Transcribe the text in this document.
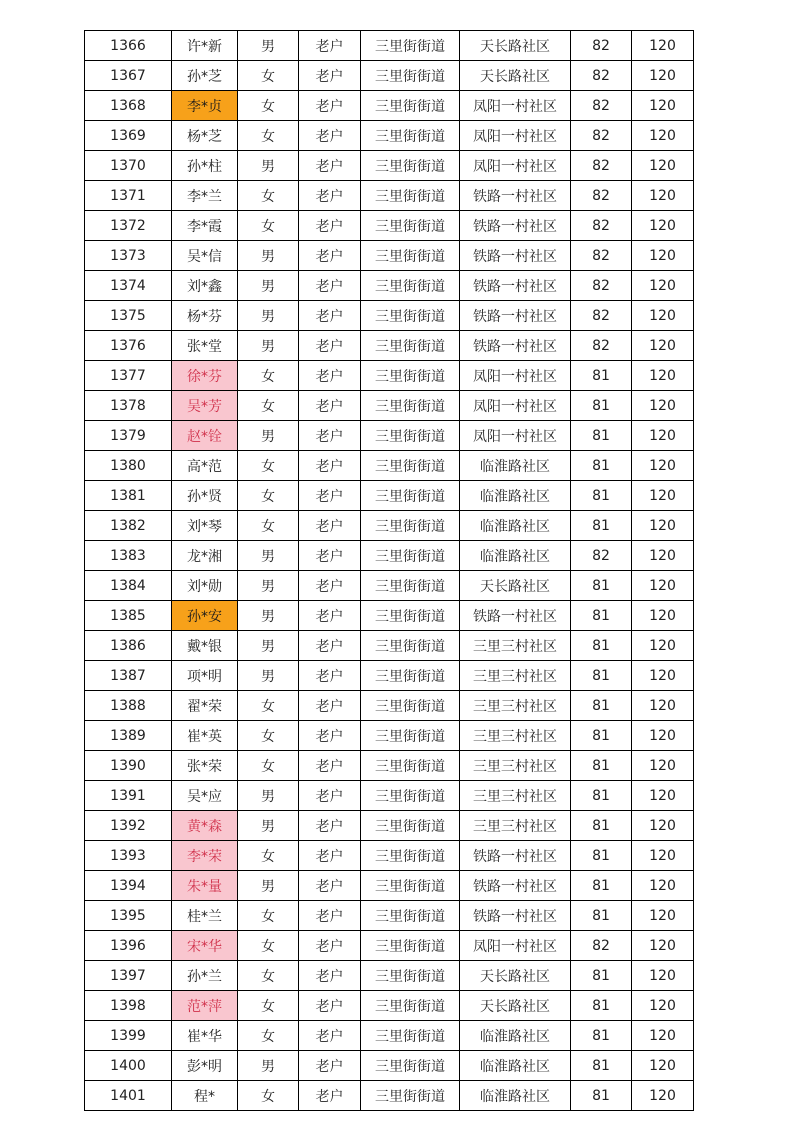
1366	许*新	男	老户	三里街街道	天长路社区	82	120
1367	孙*芝	女	老户	三里街街道	天长路社区	82	120
1368	李*贞	女	老户	三里街街道	凤阳一村社区	82	120
1369	杨*芝	女	老户	三里街街道	凤阳一村社区	82	120
1370	孙*柱	男	老户	三里街街道	凤阳一村社区	82	120
1371	李*兰	女	老户	三里街街道	铁路一村社区	82	120
1372	李*霞	女	老户	三里街街道	铁路一村社区	82	120
1373	吴*信	男	老户	三里街街道	铁路一村社区	82	120
1374	刘*鑫	男	老户	三里街街道	铁路一村社区	82	120
1375	杨*芬	男	老户	三里街街道	铁路一村社区	82	120
1376	张*堂	男	老户	三里街街道	铁路一村社区	82	120
1377	徐*芬	女	老户	三里街街道	凤阳一村社区	81	120
1378	吴*芳	女	老户	三里街街道	凤阳一村社区	81	120
1379	赵*铨	男	老户	三里街街道	凤阳一村社区	81	120
1380	高*范	女	老户	三里街街道	临淮路社区	81	120
1381	孙*贤	女	老户	三里街街道	临淮路社区	81	120
1382	刘*琴	女	老户	三里街街道	临淮路社区	81	120
1383	龙*湘	男	老户	三里街街道	临淮路社区	82	120
1384	刘*勋	男	老户	三里街街道	天长路社区	81	120
1385	孙*安	男	老户	三里街街道	铁路一村社区	81	120
1386	戴*银	男	老户	三里街街道	三里三村社区	81	120
1387	项*明	男	老户	三里街街道	三里三村社区	81	120
1388	翟*荣	女	老户	三里街街道	三里三村社区	81	120
1389	崔*英	女	老户	三里街街道	三里三村社区	81	120
1390	张*荣	女	老户	三里街街道	三里三村社区	81	120
1391	吴*应	男	老户	三里街街道	三里三村社区	81	120
1392	黄*森	男	老户	三里街街道	三里三村社区	81	120
1393	李*荣	女	老户	三里街街道	铁路一村社区	81	120
1394	朱*量	男	老户	三里街街道	铁路一村社区	81	120
1395	桂*兰	女	老户	三里街街道	铁路一村社区	81	120
1396	宋*华	女	老户	三里街街道	凤阳一村社区	82	120
1397	孙*兰	女	老户	三里街街道	天长路社区	81	120
1398	范*萍	女	老户	三里街街道	天长路社区	81	120
1399	崔*华	女	老户	三里街街道	临淮路社区	81	120
1400	彭*明	男	老户	三里街街道	临淮路社区	81	120
1401	程*	女	老户	三里街街道	临淮路社区	81	120
